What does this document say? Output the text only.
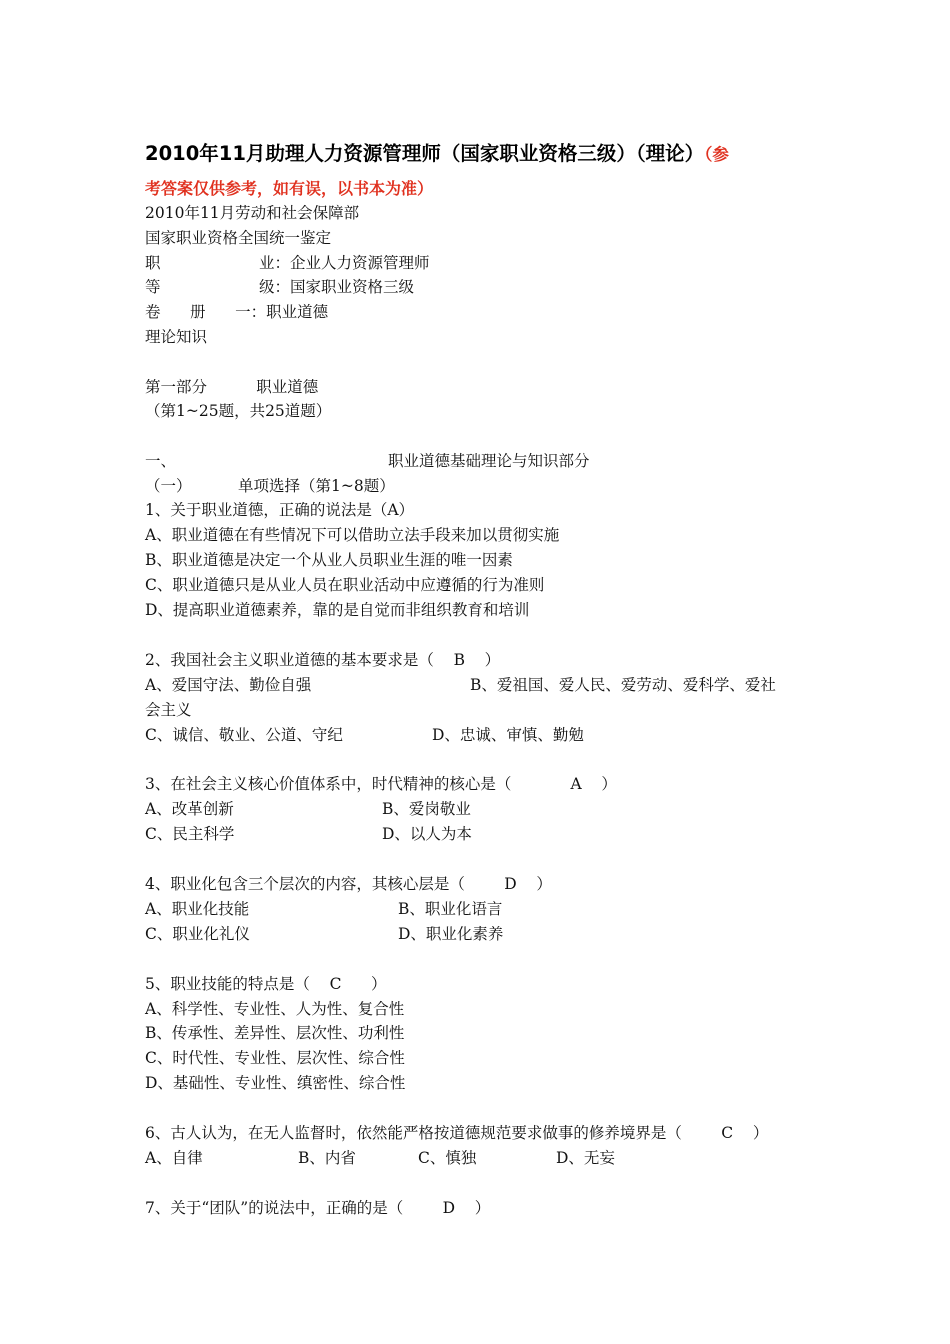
2010年11月助理人力资源管理师（国家职业资格三级）（理论）（参
考答案仅供参考，如有误，以书本为准）
2010年11月劳动和社会保障部
国家职业资格全国统一鉴定
职                    业：企业人力资源管理师
等                    级：国家职业资格三级
卷      册      一：职业道德
理论知识
第一部分          职业道德
（第1~25题，共25道题）
一、	职业道德基础理论与知识部分
（一）	单项选择（第1~8题）
1、关于职业道德，正确的说法是（A）
A、职业道德在有些情况下可以借助立法手段来加以贯彻实施
B、职业道德是决定一个从业人员职业生涯的唯一因素
C、职业道德只是从业人员在职业活动中应遵循的行为准则
D、提高职业道德素养，靠的是自觉而非组织教育和培训
2、我国社会主义职业道德的基本要求是（    B    ）
A、爱国守法、勤俭自强	B、爱祖国、爱人民、爱劳动、爱科学、爱社
会主义
C、诚信、敬业、公道、守纪	D、忠诚、审慎、勤勉
3、在社会主义核心价值体系中，时代精神的核心是（            A    ）
A、改革创新	B、爱岗敬业
C、民主科学	D、以人为本
4、职业化包含三个层次的内容，其核心层是（        D    ）
A、职业化技能	B、职业化语言
C、职业化礼仪	D、职业化素养
5、职业技能的特点是（    C      ）
A、科学性、专业性、人为性、复合性
B、传承性、差异性、层次性、功利性
C、时代性、专业性、层次性、综合性
D、基础性、专业性、缜密性、综合性
6、古人认为，在无人监督时，依然能严格按道德规范要求做事的修养境界是（        C    ）
A、自律	B、内省	C、慎独	D、无妄
7、关于“团队”的说法中，正确的是（        D    ）
